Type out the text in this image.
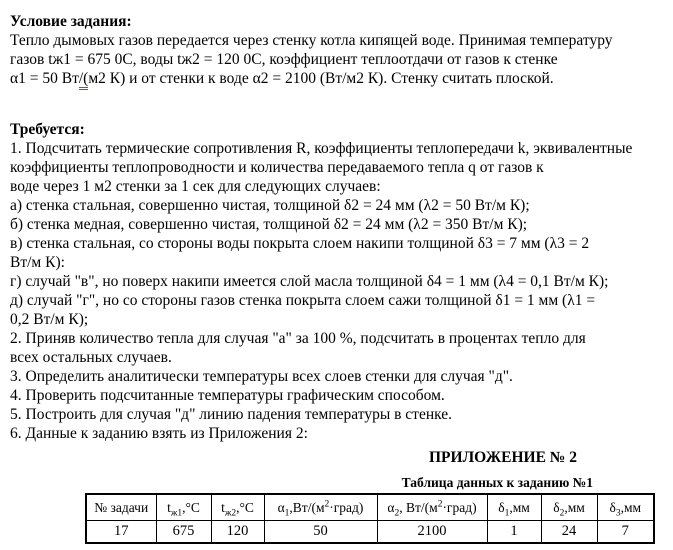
Условие задания:
Тепло дымовых газов передается через стенку котла кипящей воде. Принимая температуру
газов tж1 = 675 0С, воды tж2 = 120 0С, коэффициент теплоотдачи от газов к стенке
α1 = 50 Вт/(м2 К) и от стенки к воде α2 = 2100 (Вт/м2 К). Стенку считать плоской.
Требуется:
1. Подсчитать термические сопротивления R, коэффициенты теплопередачи k, эквивалентные
коэффициенты теплопроводности и количества передаваемого тепла q от газов к
воде через 1 м2 стенки за 1 сек для следующих случаев:
а) стенка стальная, совершенно чистая, толщиной δ2 = 24 мм (λ2 = 50 Вт/м К);
б) стенка медная, совершенно чистая, толщиной δ2 = 24 мм (λ2 = 350 Вт/м К);
в) стенка стальная, со стороны воды покрыта слоем накипи толщиной δ3 = 7 мм (λ3 = 2
Вт/м К):
г) случай "в", но поверх накипи имеется слой масла толщиной δ4 = 1 мм (λ4 = 0,1 Вт/м К);
д) случай "г", но со стороны газов стенка покрыта слоем сажи толщиной δ1 = 1 мм (λ1 =
0,2 Вт/м К);
2. Приняв количество тепла для случая "а" за 100 %, подсчитать в процентах тепло для
всех остальных случаев.
3. Определить аналитически температуры всех слоев стенки для случая "д".
4. Проверить подсчитанные температуры графическим способом.
5. Построить для случая "д" линию падения температуры в стенке.
6. Данные к заданию взять из Приложения 2:
ПРИЛОЖЕНИЕ № 2
Таблица данных к заданию №1
№ задачи	$t_{ж1},^\circ С$	$t_{ж2},^\circ С$	$\alpha_1,Вт/(м^2\cdot град)$	$\alpha_2$, $Вт/(м^2\cdot град)$	$\delta_1,мм$	$\delta_2,мм$	$\delta_3,мм$
17	675	120	50	2100	1	24	7
